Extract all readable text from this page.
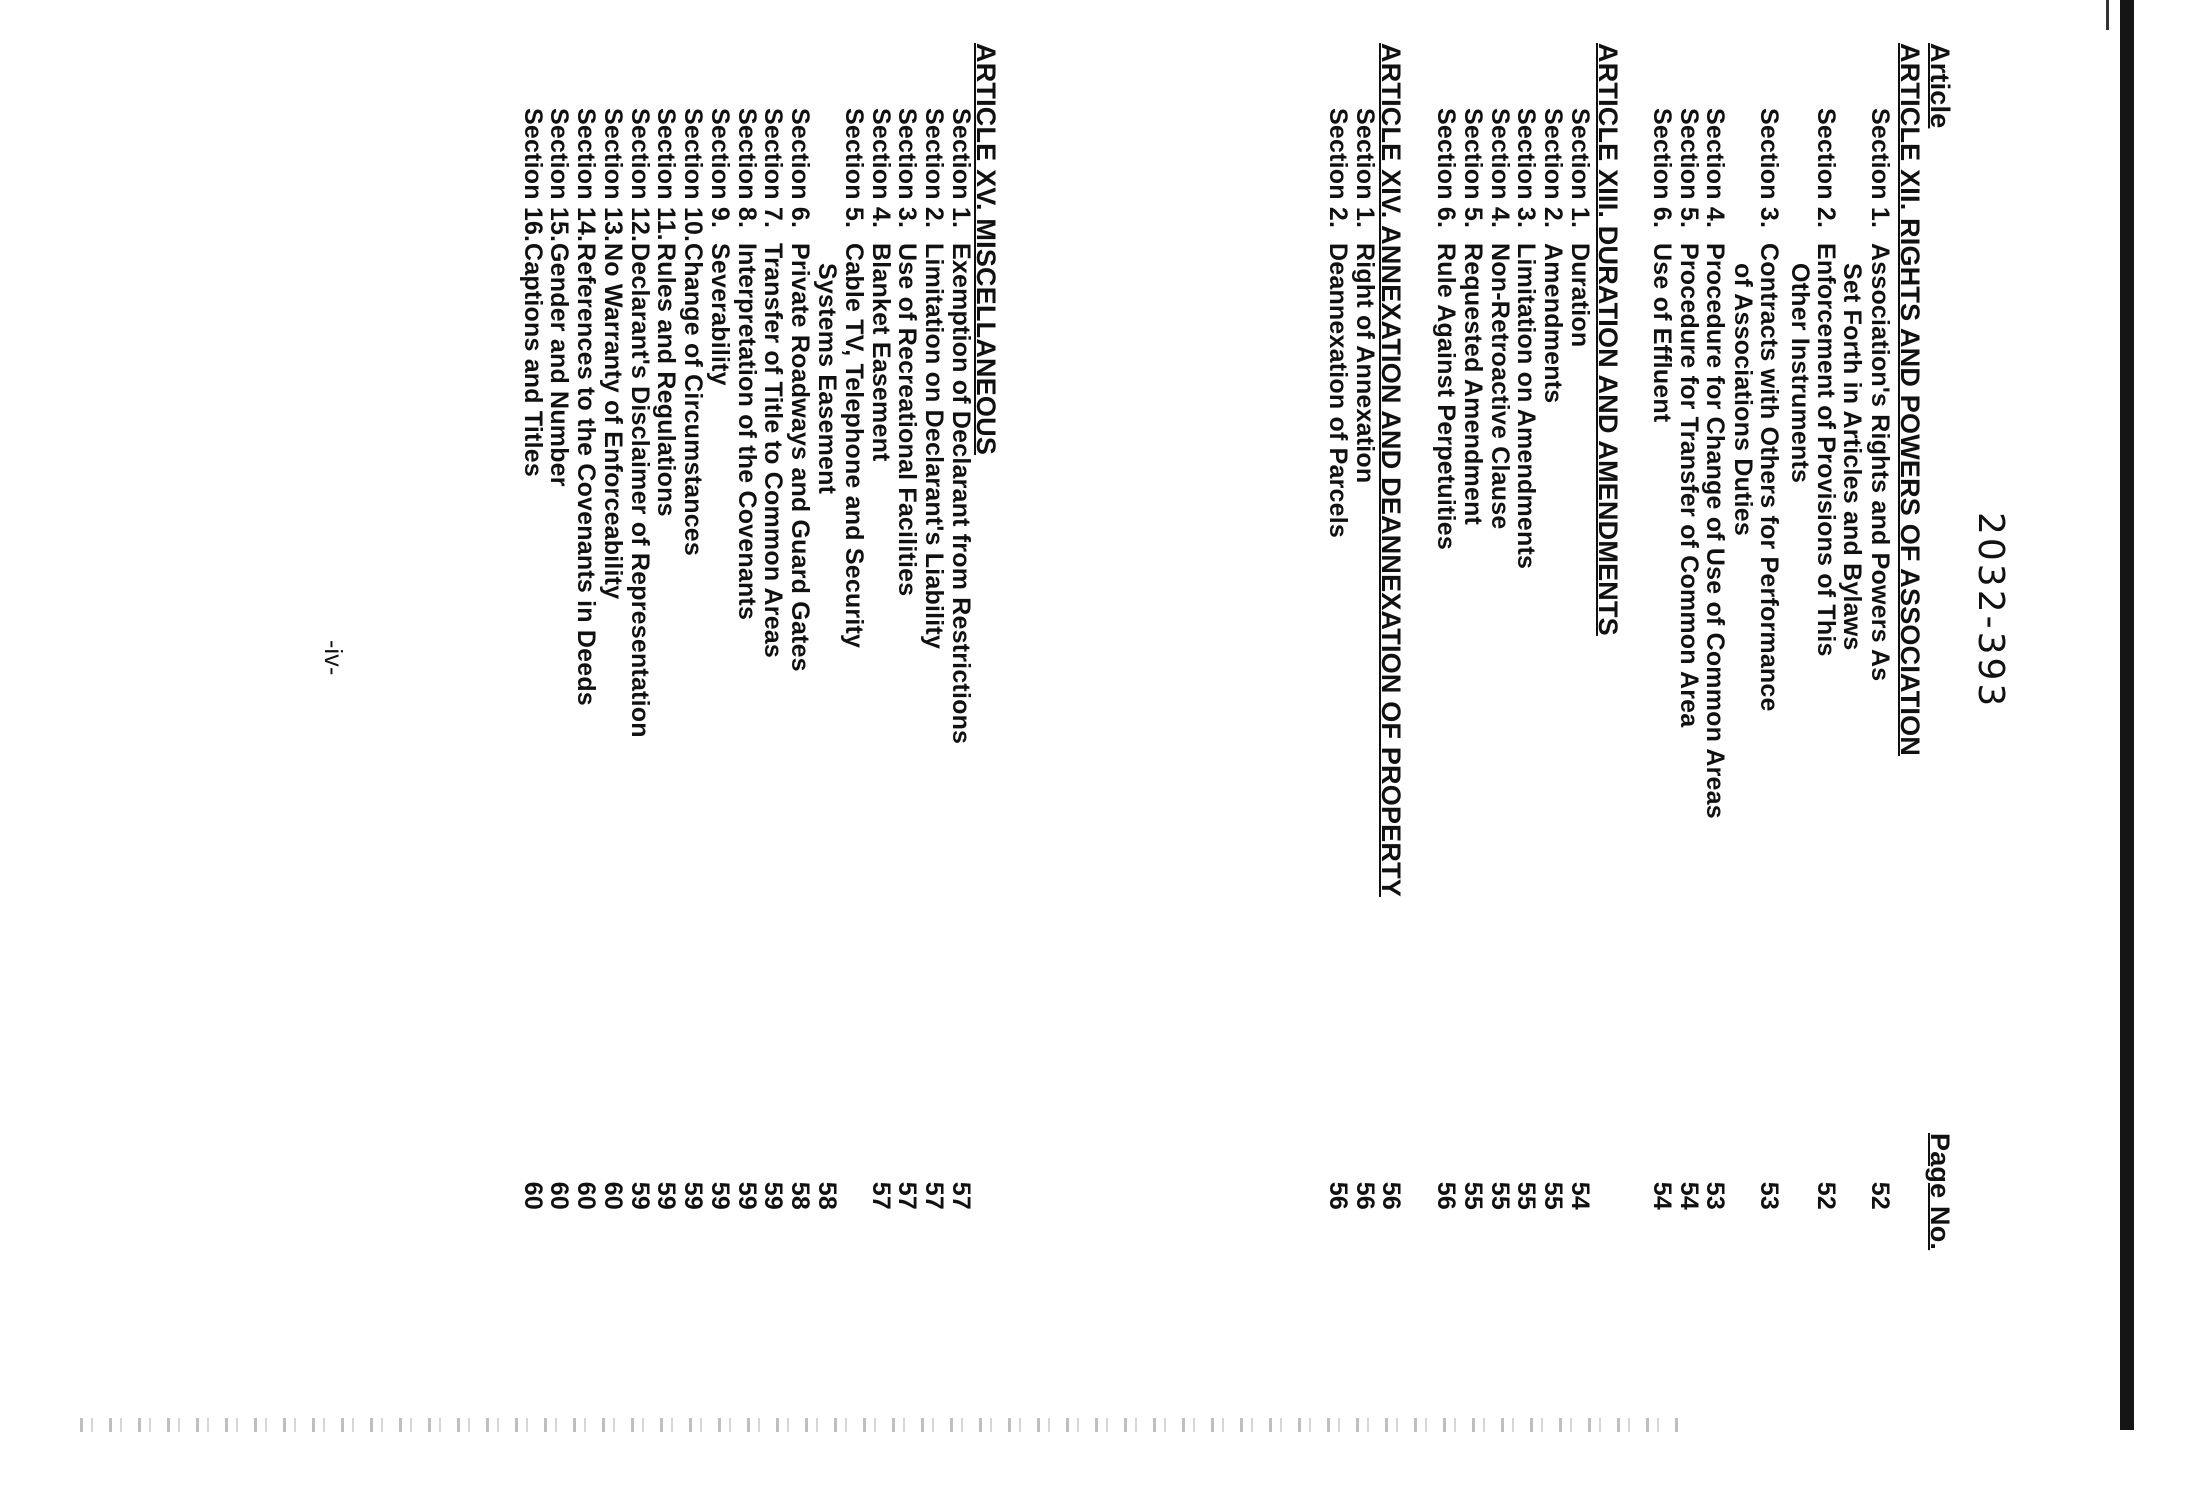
2032-393
Article
Page No.
ARTICLE XII. RIGHTS AND POWERS OF ASSOCIATION
Section 1.
Association's Rights and Powers As
Set Forth in Articles and Bylaws
52
Section 2.
Enforcement of Provisions of This
Other Instruments
52
Section 3.
Contracts with Others for Performance
of Associations Duties
53
Section 4.
Procedure for Change of Use of Common Areas
53
Section 5.
Procedure for Transfer of Common Area
54
Section 6.
Use of Effluent
54
ARTICLE XIII. DURATION AND AMENDMENTS
Section 1.
Duration
54
Section 2.
Amendments
55
Section 3.
Limitation on Amendments
55
Section 4.
Non-Retroactive Clause
55
Section 5.
Requested Amendment
55
Section 6.
Rule Against Perpetuities
56
ARTICLE XIV. ANNEXATION AND DEANNEXATION OF PROPERTY
56
Section 1.
Right of Annexation
56
Section 2.
Deannexation of Parcels
56
ARTICLE XV. MISCELLANEOUS
Section 1.
Exemption of Declarant from Restrictions
57
Section 2.
Limitation on Declarant's Liability
57
Section 3.
Use of Recreational Facilities
57
Section 4.
Blanket Easement
57
Section 5.
Cable TV, Telephone and Security
Systems Easement
58
Section 6.
Private Roadways and Guard Gates
58
Section 7.
Transfer of Title to Common Areas
59
Section 8.
Interpretation of the Covenants
59
Section 9.
Severability
59
Section 10.
Change of Circumstances
59
Section 11.
Rules and Regulations
59
Section 12.
Declarant's Disclaimer of Representation
59
Section 13.
No Warranty of Enforceability
60
Section 14.
References to the Covenants in Deeds
60
Section 15.
Gender and Number
60
Section 16.
Captions and Titles
60
-iv-
